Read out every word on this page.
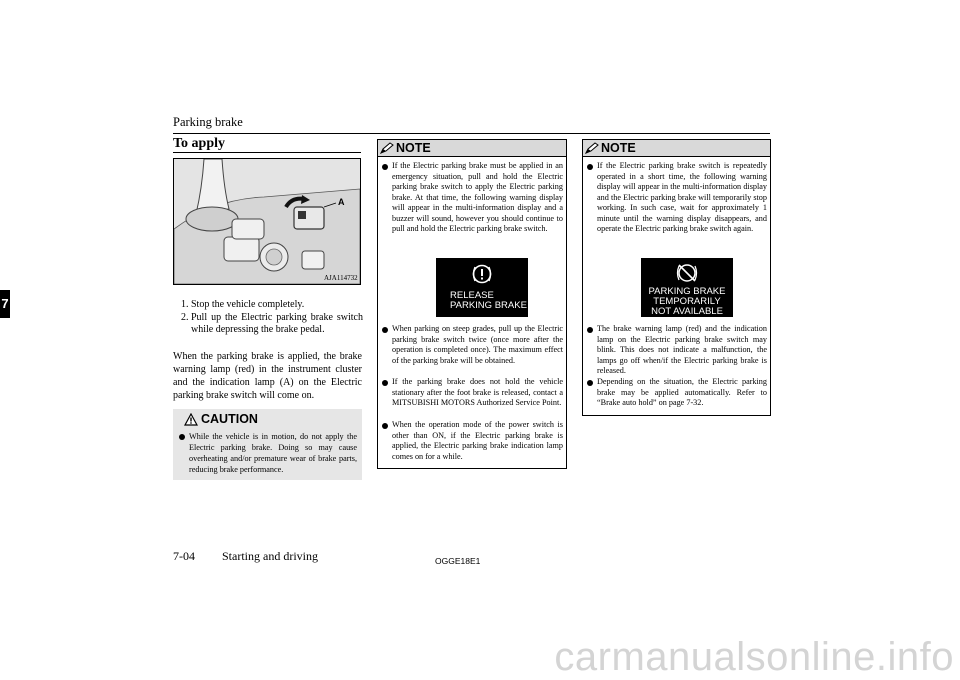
Parking brake
7
To apply
A
AJA114732
1. Stop the vehicle completely.
2. Pull up the Electric parking brake switch while depressing the brake pedal.

When the parking brake is applied, the brake warning lamp (red) in the instrument cluster and the indication lamp (A) on the Electric parking brake switch will come on.

CAUTION
While the vehicle is in motion, do not apply the Electric parking brake. Doing so may cause overheating and/or premature wear of brake parts, reducing brake performance.
NOTE
If the Electric parking brake must be applied in an emergency situation, pull and hold the Electric parking brake switch to apply the Electric parking brake. At that time, the following warning display will appear in the multi-information display and a buzzer will sound, however you should continue to pull and hold the Electric parking brake switch.
RELEASE
PARKING BRAKE
When parking on steep grades, pull up the Electric parking brake switch twice (once more after the operation is completed once). The maximum effect of the parking brake will be obtained.
If the parking brake does not hold the vehicle stationary after the foot brake is released, contact a MITSUBISHI MOTORS Authorized Service Point.
When the operation mode of the power switch is other than ON, if the Electric parking brake is applied, the Electric parking brake indication lamp comes on for a while.
NOTE
If the Electric parking brake switch is repeatedly operated in a short time, the following warning display will appear in the multi-information display and the Electric parking brake will temporarily stop working. In such case, wait for approximately 1 minute until the warning display disappears, and operate the Electric parking brake switch again.
PARKING BRAKE
TEMPORARILY
NOT AVAILABLE
The brake warning lamp (red) and the indication lamp on the Electric parking brake switch may blink. This does not indicate a malfunction, the lamps go off when/if the Electric parking brake is released.
Depending on the situation, the Electric parking brake may be applied automatically. Refer to “Brake auto hold” on page 7-32.
7-04 Starting and driving	OGGE18E1
carmanualsonline.info
